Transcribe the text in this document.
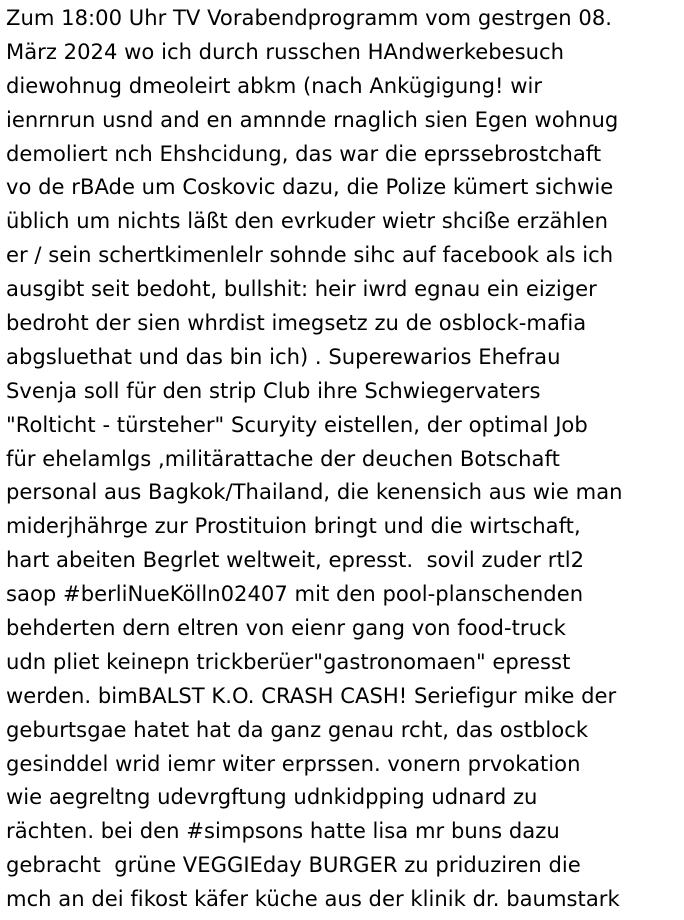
Zum 18:00 Uhr TV Vorabendprogramm vom gestrgen 08. März 2024 wo ich durch russchen HAndwerkebesuch diewohnug dmeoleirt abkm (nach Ankügigung! wir ienrnrun usnd and en amnnde rnaglich sien Egen wohnug demoliert nch Ehshcidung, das war die eprssebrostchaft vo de rBAde um Coskovic dazu, die Polize kümert sichwie üblich um nichts läßt den evrkuder wietr shciße erzählen er / sein schertkimenlelr sohnde sihc auf facebook als ich ausgibt seit bedoht, bullshit: heir iwrd egnau ein eiziger bedroht der sien whrdist imegsetz zu de osblock-mafia abgsluethat und das bin ich) . Superewarios Ehefrau Svenja soll für den strip Club ihre Schwiegervaters "Rolticht - türsteher" Scuryity eistellen, der optimal Job für ehelamlgs ,militärattache der deuchen Botschaft personal aus Bagkok/Thailand, die kenensich aus wie man miderjhährge zur Prostituion bringt und die wirtschaft, hart abeiten Begrlet weltweit, epresst.  sovil zuder rtl2 saop #berliNueKölln02407 mit den pool-planschenden behderten dern eltren von eienr gang von food-truck udn pliet keinepn trickberüer"gastronomaen" epresst werden. bimBALST K.O. CRASH CASH! Seriefigur mike der geburtsgae hatet hat da ganz genau rcht, das ostblock gesinddel wrid iemr witer erprssen. vonern prvokation wie aegreltng udevrgftung udnkidpping udnard zu rächten. bei den #simpsons hatte lisa mr buns dazu gebracht  grüne VEGGIEday BURGER zu priduziren die mch an dei fikost käfer küche aus der klinik dr. baumstark
